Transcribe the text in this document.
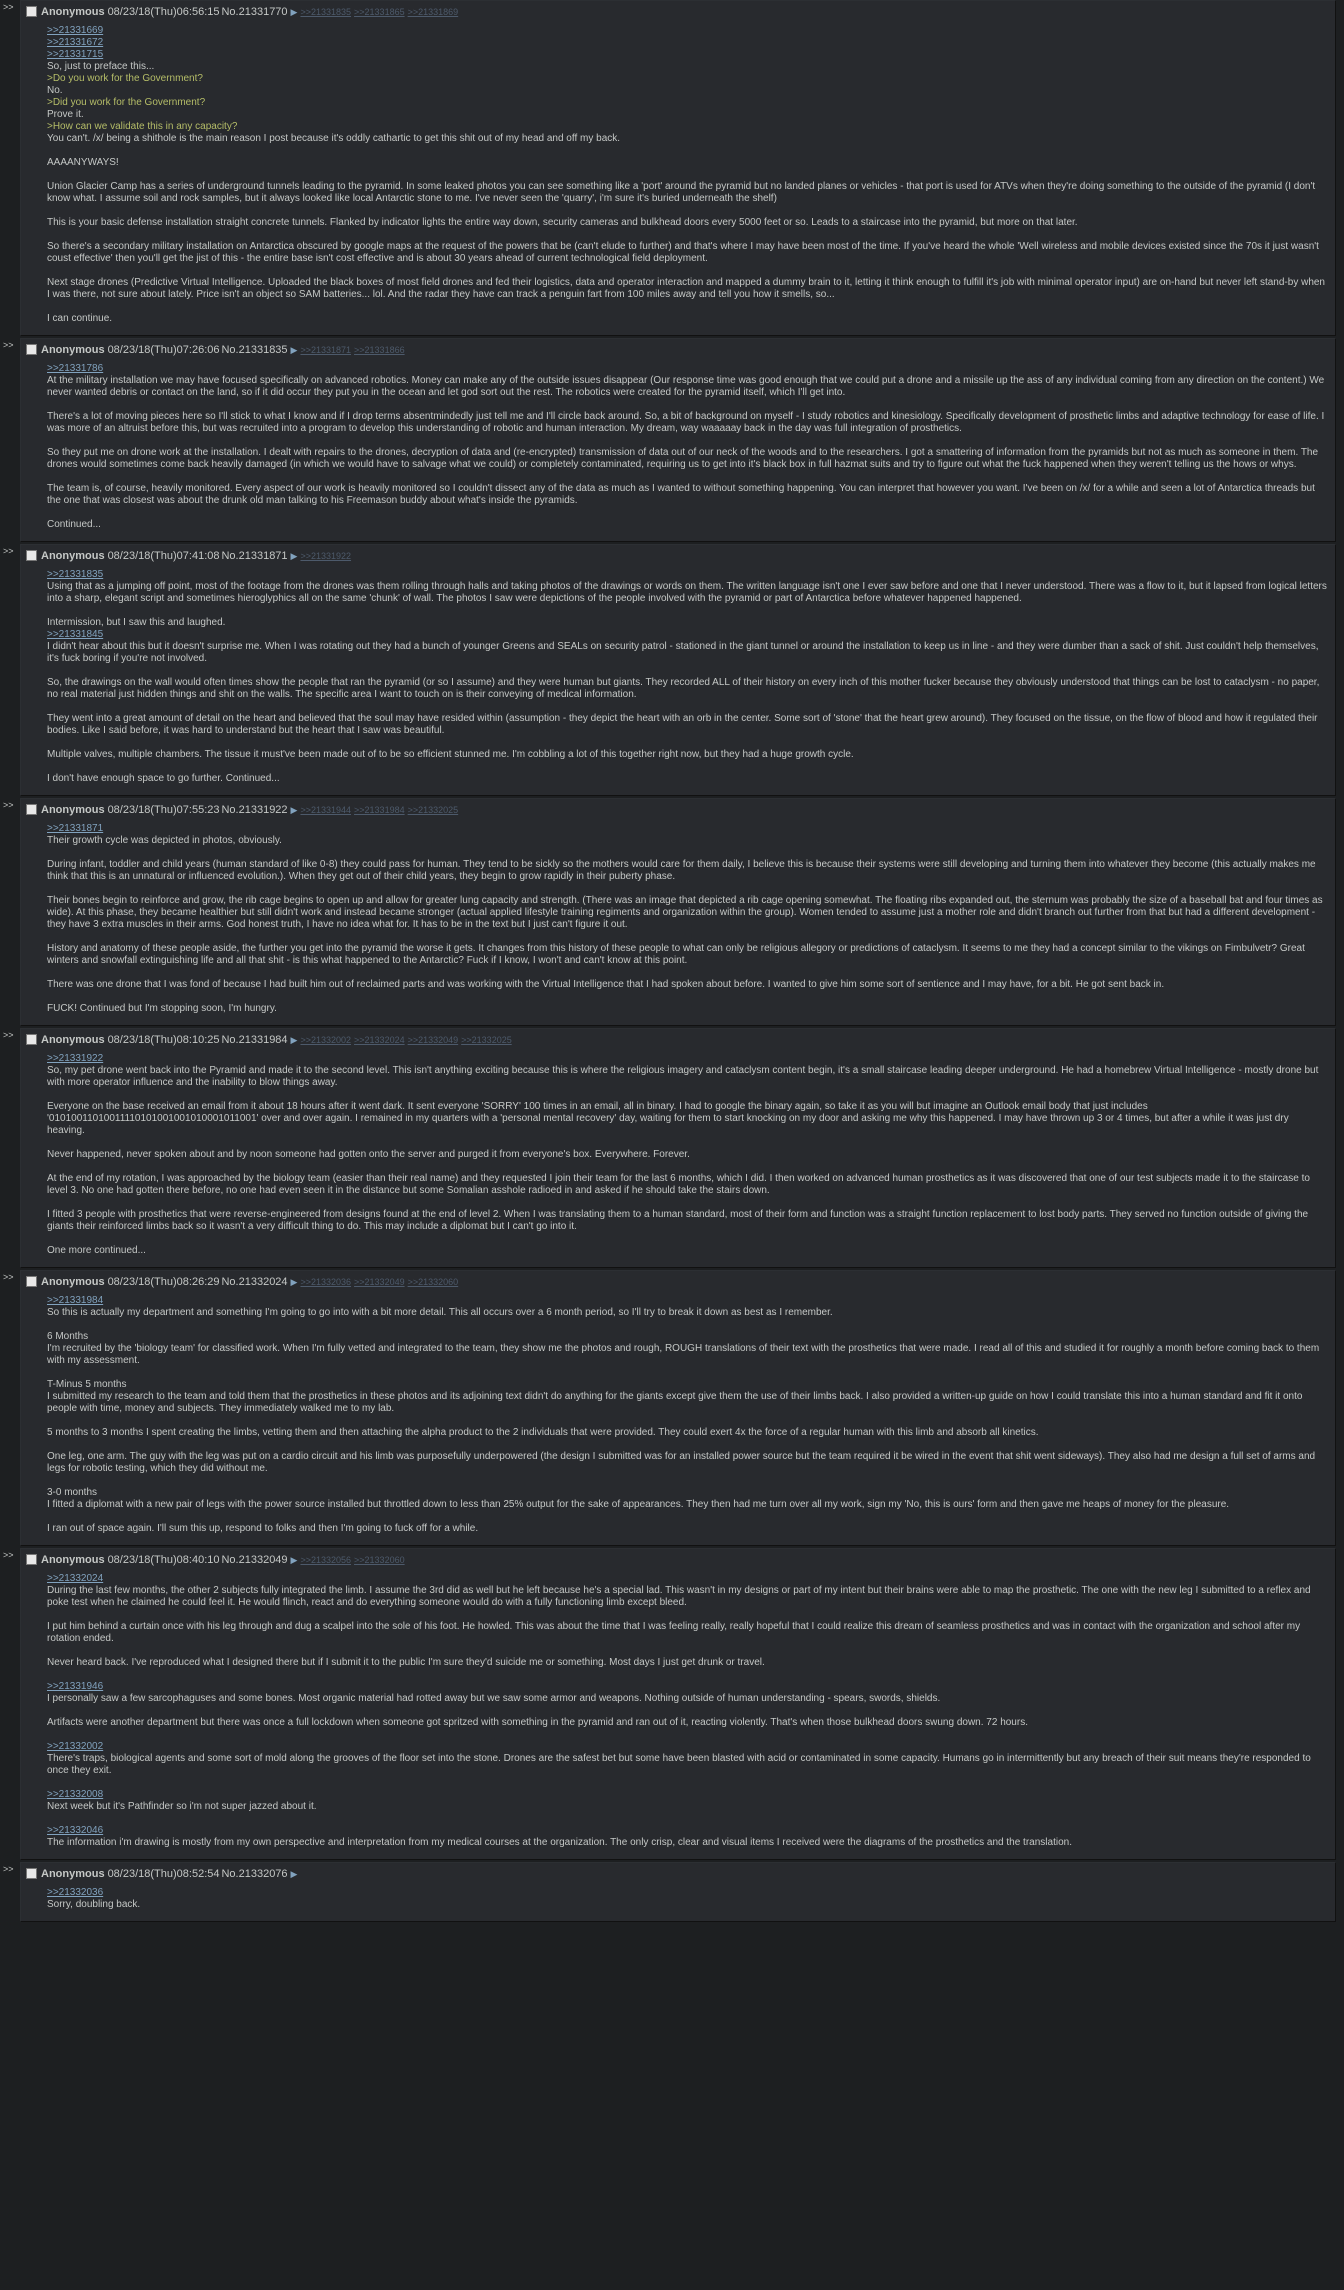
>>	Anonymous 08/23/18(Thu)06:56:15 No.21331770 ▶ >>21331835 >>21331865 >>21331869
>>21331669
>>21331672
>>21331715

So, just to preface this...

>Do you work for the Government?

No.

>Did you work for the Government?

Prove it.

>How can we validate this in any capacity?

You can't. /x/ being a shithole is the main reason I post because it's oddly cathartic to get this shit out of my head and off my back.

AAAANYWAYS!

Union Glacier Camp has a series of underground tunnels leading to the pyramid. In some leaked photos you can see something like a 'port' around the pyramid but no landed planes or vehicles - that port is used for ATVs when they're doing something to the outside of the pyramid (I don't know what. I assume soil and rock samples, but it always looked like local Antarctic stone to me. I've never seen the 'quarry', i'm sure it's buried underneath the shelf)

This is your basic defense installation straight concrete tunnels. Flanked by indicator lights the entire way down, security cameras and bulkhead doors every 5000 feet or so. Leads to a staircase into the pyramid, but more on that later.

So there's a secondary military installation on Antarctica obscured by google maps at the request of the powers that be (can't elude to further) and that's where I may have been most of the time. If you've heard the whole 'Well wireless and mobile devices existed since the 70s it just wasn't coust effective' then you'll get the jist of this - the entire base isn't cost effective and is about 30 years ahead of current technological field deployment.

Next stage drones (Predictive Virtual Intelligence. Uploaded the black boxes of most field drones and fed their logistics, data and operator interaction and mapped a dummy brain to it, letting it think enough to fulfill it's job with minimal operator input) are on-hand but never left stand-by when I was there, not sure about lately. Price isn't an object so SAM batteries... lol. And the radar they have can track a penguin fart from 100 miles away and tell you how it smells, so...

I can continue.

>>	Anonymous 08/23/18(Thu)07:26:06 No.21331835 ▶ >>21331871 >>21331866
>>21331786

At the military installation we may have focused specifically on advanced robotics. Money can make any of the outside issues disappear (Our response time was good enough that we could put a drone and a missile up the ass of any individual coming from any direction on the content.) We never wanted debris or contact on the land, so if it did occur they put you in the ocean and let god sort out the rest. The robotics were created for the pyramid itself, which I'll get into.

There's a lot of moving pieces here so I'll stick to what I know and if I drop terms absentmindedly just tell me and I'll circle back around. So, a bit of background on myself - I study robotics and kinesiology. Specifically development of prosthetic limbs and adaptive technology for ease of life. I was more of an altruist before this, but was recruited into a program to develop this understanding of robotic and human interaction. My dream, way waaaaay back in the day was full integration of prosthetics.

So they put me on drone work at the installation. I dealt with repairs to the drones, decryption of data and (re-encrypted) transmission of data out of our neck of the woods and to the researchers. I got a smattering of information from the pyramids but not as much as someone in them. The drones would sometimes come back heavily damaged (in which we would have to salvage what we could) or completely contaminated, requiring us to get into it's black box in full hazmat suits and try to figure out what the fuck happened when they weren't telling us the hows or whys.

The team is, of course, heavily monitored. Every aspect of our work is heavily monitored so I couldn't dissect any of the data as much as I wanted to without something happening. You can interpret that however you want. I've been on /x/ for a while and seen a lot of Antarctica threads but the one that was closest was about the drunk old man talking to his Freemason buddy about what's inside the pyramids.

Continued...

>>	Anonymous 08/23/18(Thu)07:41:08 No.21331871 ▶ >>21331922
>>21331835

Using that as a jumping off point, most of the footage from the drones was them rolling through halls and taking photos of the drawings or words on them. The written language isn't one I ever saw before and one that I never understood. There was a flow to it, but it lapsed from logical letters into a sharp, elegant script and sometimes hieroglyphics all on the same 'chunk' of wall. The photos I saw were depictions of the people involved with the pyramid or part of Antarctica before whatever happened happened.

Intermission, but I saw this and laughed.

>>21331845

I didn't hear about this but it doesn't surprise me. When I was rotating out they had a bunch of younger Greens and SEALs on security patrol - stationed in the giant tunnel or around the installation to keep us in line - and they were dumber than a sack of shit. Just couldn't help themselves, it's fuck boring if you're not involved.

So, the drawings on the wall would often times show the people that ran the pyramid (or so I assume) and they were human but giants. They recorded ALL of their history on every inch of this mother fucker because they obviously understood that things can be lost to cataclysm - no paper, no real material just hidden things and shit on the walls. The specific area I want to touch on is their conveying of medical information.

They went into a great amount of detail on the heart and believed that the soul may have resided within (assumption - they depict the heart with an orb in the center. Some sort of 'stone' that the heart grew around). They focused on the tissue, on the flow of blood and how it regulated their bodies. Like I said before, it was hard to understand but the heart that I saw was beautiful.

Multiple valves, multiple chambers. The tissue it must've been made out of to be so efficient stunned me. I'm cobbling a lot of this together right now, but they had a huge growth cycle.

I don't have enough space to go further. Continued...

>>	Anonymous 08/23/18(Thu)07:55:23 No.21331922 ▶ >>21331944 >>21331984 >>21332025
>>21331871

Their growth cycle was depicted in photos, obviously.

During infant, toddler and child years (human standard of like 0-8) they could pass for human. They tend to be sickly so the mothers would care for them daily, I believe this is because their systems were still developing and turning them into whatever they become (this actually makes me think that this is an unnatural or influenced evolution.). When they get out of their child years, they begin to grow rapidly in their puberty phase.

Their bones begin to reinforce and grow, the rib cage begins to open up and allow for greater lung capacity and strength. (There was an image that depicted a rib cage opening somewhat. The floating ribs expanded out, the sternum was probably the size of a baseball bat and four times as wide). At this phase, they became healthier but still didn't work and instead became stronger (actual applied lifestyle training regiments and organization within the group). Women tended to assume just a mother role and didn't branch out further from that but had a different development - they have 3 extra muscles in their arms. God honest truth, I have no idea what for. It has to be in the text but I just can't figure it out.

History and anatomy of these people aside, the further you get into the pyramid the worse it gets. It changes from this history of these people to what can only be religious allegory or predictions of cataclysm. It seems to me they had a concept similar to the vikings on Fimbulvetr? Great winters and snowfall extinguishing life and all that shit - is this what happened to the Antarctic? Fuck if I know, I won't and can't know at this point.

There was one drone that I was fond of because I had built him out of reclaimed parts and was working with the Virtual Intelligence that I had spoken about before. I wanted to give him some sort of sentience and I may have, for a bit. He got sent back in.

FUCK! Continued but I'm stopping soon, I'm hungry.

>>	Anonymous 08/23/18(Thu)08:10:25 No.21331984 ▶ >>21332002 >>21332024 >>21332049 >>21332025
>>21331922

So, my pet drone went back into the Pyramid and made it to the second level. This isn't anything exciting because this is where the religious imagery and cataclysm content begin, it's a small staircase leading deeper underground. He had a homebrew Virtual Intelligence - mostly drone but with more operator influence and the inability to blow things away.

Everyone on the base received an email from it about 18 hours after it went dark. It sent everyone 'SORRY' 100 times in an email, all in binary. I had to google the binary again, so take it as you will but imagine an Outlook email body that just includes '01010011010011110101001001010001011001' over and over again. I remained in my quarters with a 'personal mental recovery' day, waiting for them to start knocking on my door and asking me why this happened. I may have thrown up 3 or 4 times, but after a while it was just dry heaving.

Never happened, never spoken about and by noon someone had gotten onto the server and purged it from everyone's box. Everywhere. Forever.

At the end of my rotation, I was approached by the biology team (easier than their real name) and they requested I join their team for the last 6 months, which I did. I then worked on advanced human prosthetics as it was discovered that one of our test subjects made it to the staircase to level 3. No one had gotten there before, no one had even seen it in the distance but some Somalian asshole radioed in and asked if he should take the stairs down.

I fitted 3 people with prosthetics that were reverse-engineered from designs found at the end of level 2. When I was translating them to a human standard, most of their form and function was a straight function replacement to lost body parts. They served no function outside of giving the giants their reinforced limbs back so it wasn't a very difficult thing to do. This may include a diplomat but I can't go into it.

One more continued...

>>	Anonymous 08/23/18(Thu)08:26:29 No.21332024 ▶ >>21332036 >>21332049 >>21332060
>>21331984

So this is actually my department and something I'm going to go into with a bit more detail. This all occurs over a 6 month period, so I'll try to break it down as best as I remember.

6 Months

I'm recruited by the 'biology team' for classified work. When I'm fully vetted and integrated to the team, they show me the photos and rough, ROUGH translations of their text with the prosthetics that were made. I read all of this and studied it for roughly a month before coming back to them with my assessment.

T-Minus 5 months

I submitted my research to the team and told them that the prosthetics in these photos and its adjoining text didn't do anything for the giants except give them the use of their limbs back. I also provided a written-up guide on how I could translate this into a human standard and fit it onto people with time, money and subjects. They immediately walked me to my lab.

5 months to 3 months I spent creating the limbs, vetting them and then attaching the alpha product to the 2 individuals that were provided. They could exert 4x the force of a regular human with this limb and absorb all kinetics.

One leg, one arm. The guy with the leg was put on a cardio circuit and his limb was purposefully underpowered (the design I submitted was for an installed power source but the team required it be wired in the event that shit went sideways). They also had me design a full set of arms and legs for robotic testing, which they did without me.

3-0 months

I fitted a diplomat with a new pair of legs with the power source installed but throttled down to less than 25% output for the sake of appearances. They then had me turn over all my work, sign my 'No, this is ours' form and then gave me heaps of money for the pleasure.

I ran out of space again. I'll sum this up, respond to folks and then I'm going to fuck off for a while.

>>	Anonymous 08/23/18(Thu)08:40:10 No.21332049 ▶ >>21332056 >>21332060
>>21332024

During the last few months, the other 2 subjects fully integrated the limb. I assume the 3rd did as well but he left because he's a special lad. This wasn't in my designs or part of my intent but their brains were able to map the prosthetic. The one with the new leg I submitted to a reflex and poke test when he claimed he could feel it. He would flinch, react and do everything someone would do with a fully functioning limb except bleed.

I put him behind a curtain once with his leg through and dug a scalpel into the sole of his foot. He howled. This was about the time that I was feeling really, really hopeful that I could realize this dream of seamless prosthetics and was in contact with the organization and school after my rotation ended.

Never heard back. I've reproduced what I designed there but if I submit it to the public I'm sure they'd suicide me or something. Most days I just get drunk or travel.

>>21331946

I personally saw a few sarcophaguses and some bones. Most organic material had rotted away but we saw some armor and weapons. Nothing outside of human understanding - spears, swords, shields.

Artifacts were another department but there was once a full lockdown when someone got spritzed with something in the pyramid and ran out of it, reacting violently. That's when those bulkhead doors swung down. 72 hours.

>>21332002

There's traps, biological agents and some sort of mold along the grooves of the floor set into the stone. Drones are the safest bet but some have been blasted with acid or contaminated in some capacity. Humans go in intermittently but any breach of their suit means they're responded to once they exit.

>>21332008

Next week but it's Pathfinder so i'm not super jazzed about it.

>>21332046

The information i'm drawing is mostly from my own perspective and interpretation from my medical courses at the organization. The only crisp, clear and visual items I received were the diagrams of the prosthetics and the translation.

>>	Anonymous 08/23/18(Thu)08:52:54 No.21332076 ▶
>>21332036

Sorry, doubling back.
